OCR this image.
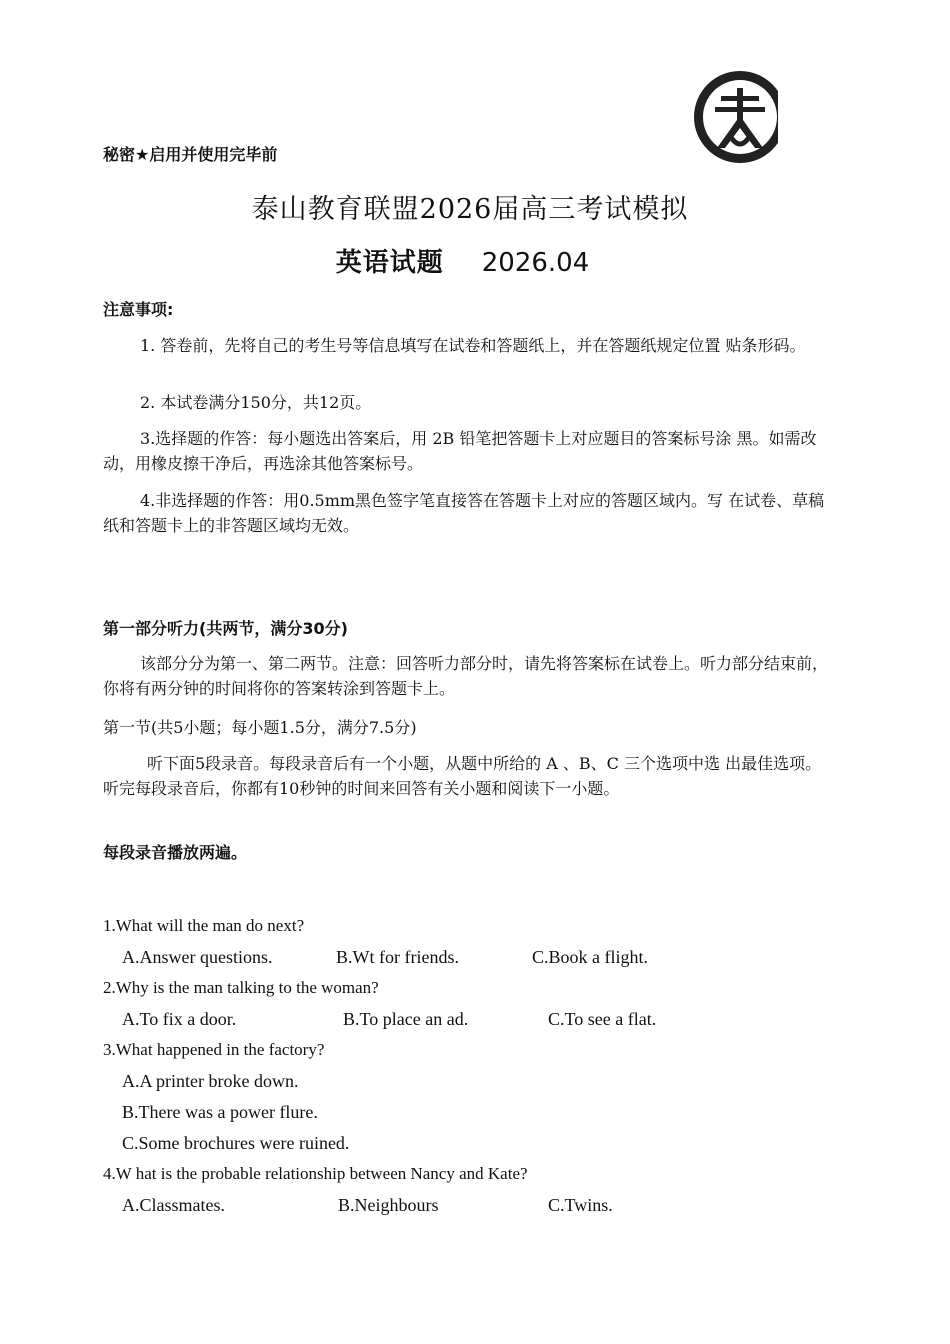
秘密★启用并使用完毕前
泰山教育联盟2026届高三考试模拟
英语试题 2026.04
注意事项:
1. 答卷前，先将自己的考生号等信息填写在试卷和答题纸上，并在答题纸规定位置 贴条形码。
2. 本试卷满分150分，共12页。
3.选择题的作答：每小题选出答案后，用 2B 铅笔把答题卡上对应题目的答案标号涂 黑。如需改动，用橡皮擦干净后，再选涂其他答案标号。
4.非选择题的作答：用0.5mm黑色签字笔直接答在答题卡上对应的答题区域内。写 在试卷、草稿纸和答题卡上的非答题区域均无效。
第一部分听力(共两节，满分30分)
该部分分为第一、第二两节。注意：回答听力部分时，请先将答案标在试卷上。听力部分结束前，你将有两分钟的时间将你的答案转涂到答题卡上。
第一节(共5小题；每小题1.5分，满分7.5分)
听下面5段录音。每段录音后有一个小题，从题中所给的 A 、B、C 三个选项中选 出最佳选项。听完每段录音后，你都有10秒钟的时间来回答有关小题和阅读下一小题。
每段录音播放两遍。
1.What will the man do next?
A.Answer questions.	B.Wt for friends.	C.Book a flight.
2.Why is the man talking to the woman?
A.To fix a door.	B.To place an ad.	C.To see a flat.
3.What happened in the factory?
A.A printer broke down.
B.There was a power flure.
C.Some brochures were ruined.
4.W hat is the probable relationship between Nancy and Kate?
A.Classmates.	B.Neighbours	C.Twins.
